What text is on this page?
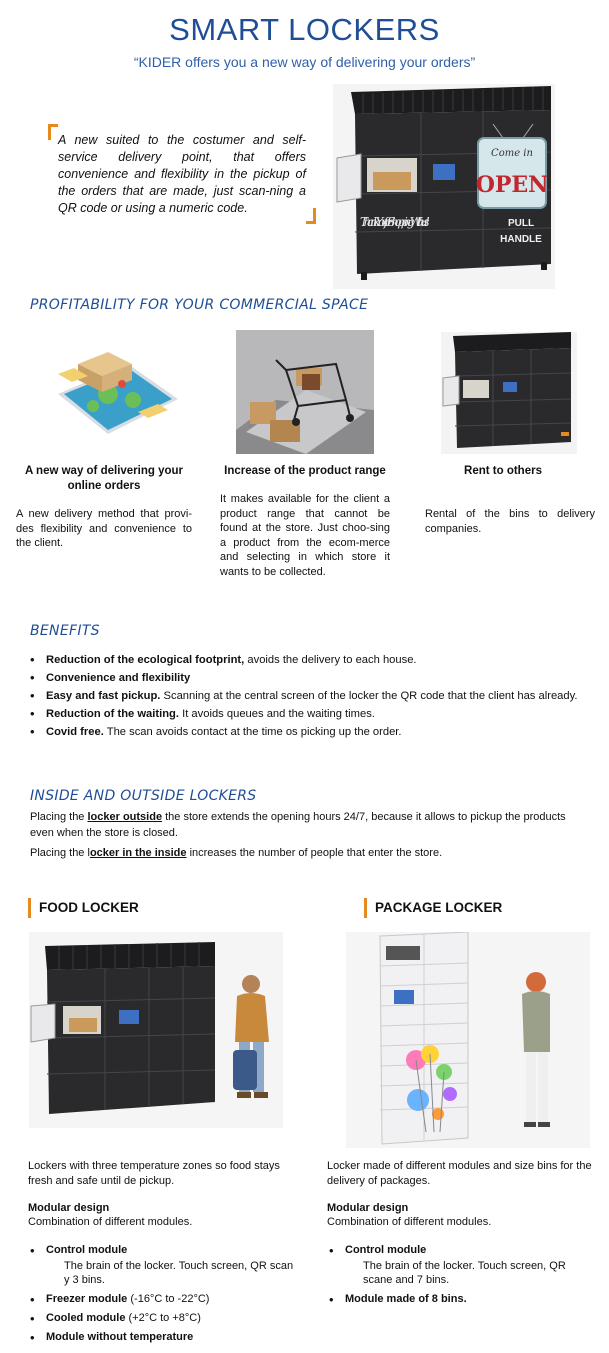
SMART LOCKERS
“KIDER offers you a new way of delivering your orders”
A new suited to the costumer and self-service delivery point, that offers convenience and flexibility in the pickup of the orders that are made, just scan-ning a QR code or using a numeric code.
Come in
OPEN
Thank You for Shopping With us!	PULL
HANDLE
PROFITABILITY FOR YOUR COMMERCIAL SPACE
A new way of delivering your online orders
A new delivery method that provi-des flexibility and convenience to the client.
Increase of the product range
It makes available for the client a product range that cannot be found at the store. Just choo-sing a product from the ecom-merce and selecting in which store it wants to be collected.
Rent to others
Rental of the bins to delivery companies.
BENEFITS
• Reduction of the ecological footprint, avoids the delivery to each house.
• Convenience and flexibility
• Easy and fast pickup. Scanning at the central screen of the locker the QR code that the client has already.
• Reduction of the waiting. It avoids queues and the waiting times.
• Covid free. The scan avoids contact at the time os picking up the order.
INSIDE AND OUTSIDE LOCKERS
Placing the locker outside the store extends the opening hours 24/7, because it allows to pickup the products even when the store is closed.
Placing the locker in the inside increases the number of people that enter the store.
FOOD LOCKER
Lockers with three temperature zones so food stays fresh and safe until de pickup.
Modular design
Combination of different modules.
• Control module
The brain of the locker. Touch screen, QR scan y 3 bins.
• Freezer module (-16°C to -22°C)
• Cooled module (+2°C to +8°C)
• Module without temperature
PACKAGE LOCKER
Locker made of different modules and size bins for the delivery of packages.
Modular design
Combination of different modules.
• Control module
The brain of the locker. Touch screen, QR scane and 7 bins.
• Module made of 8 bins.
